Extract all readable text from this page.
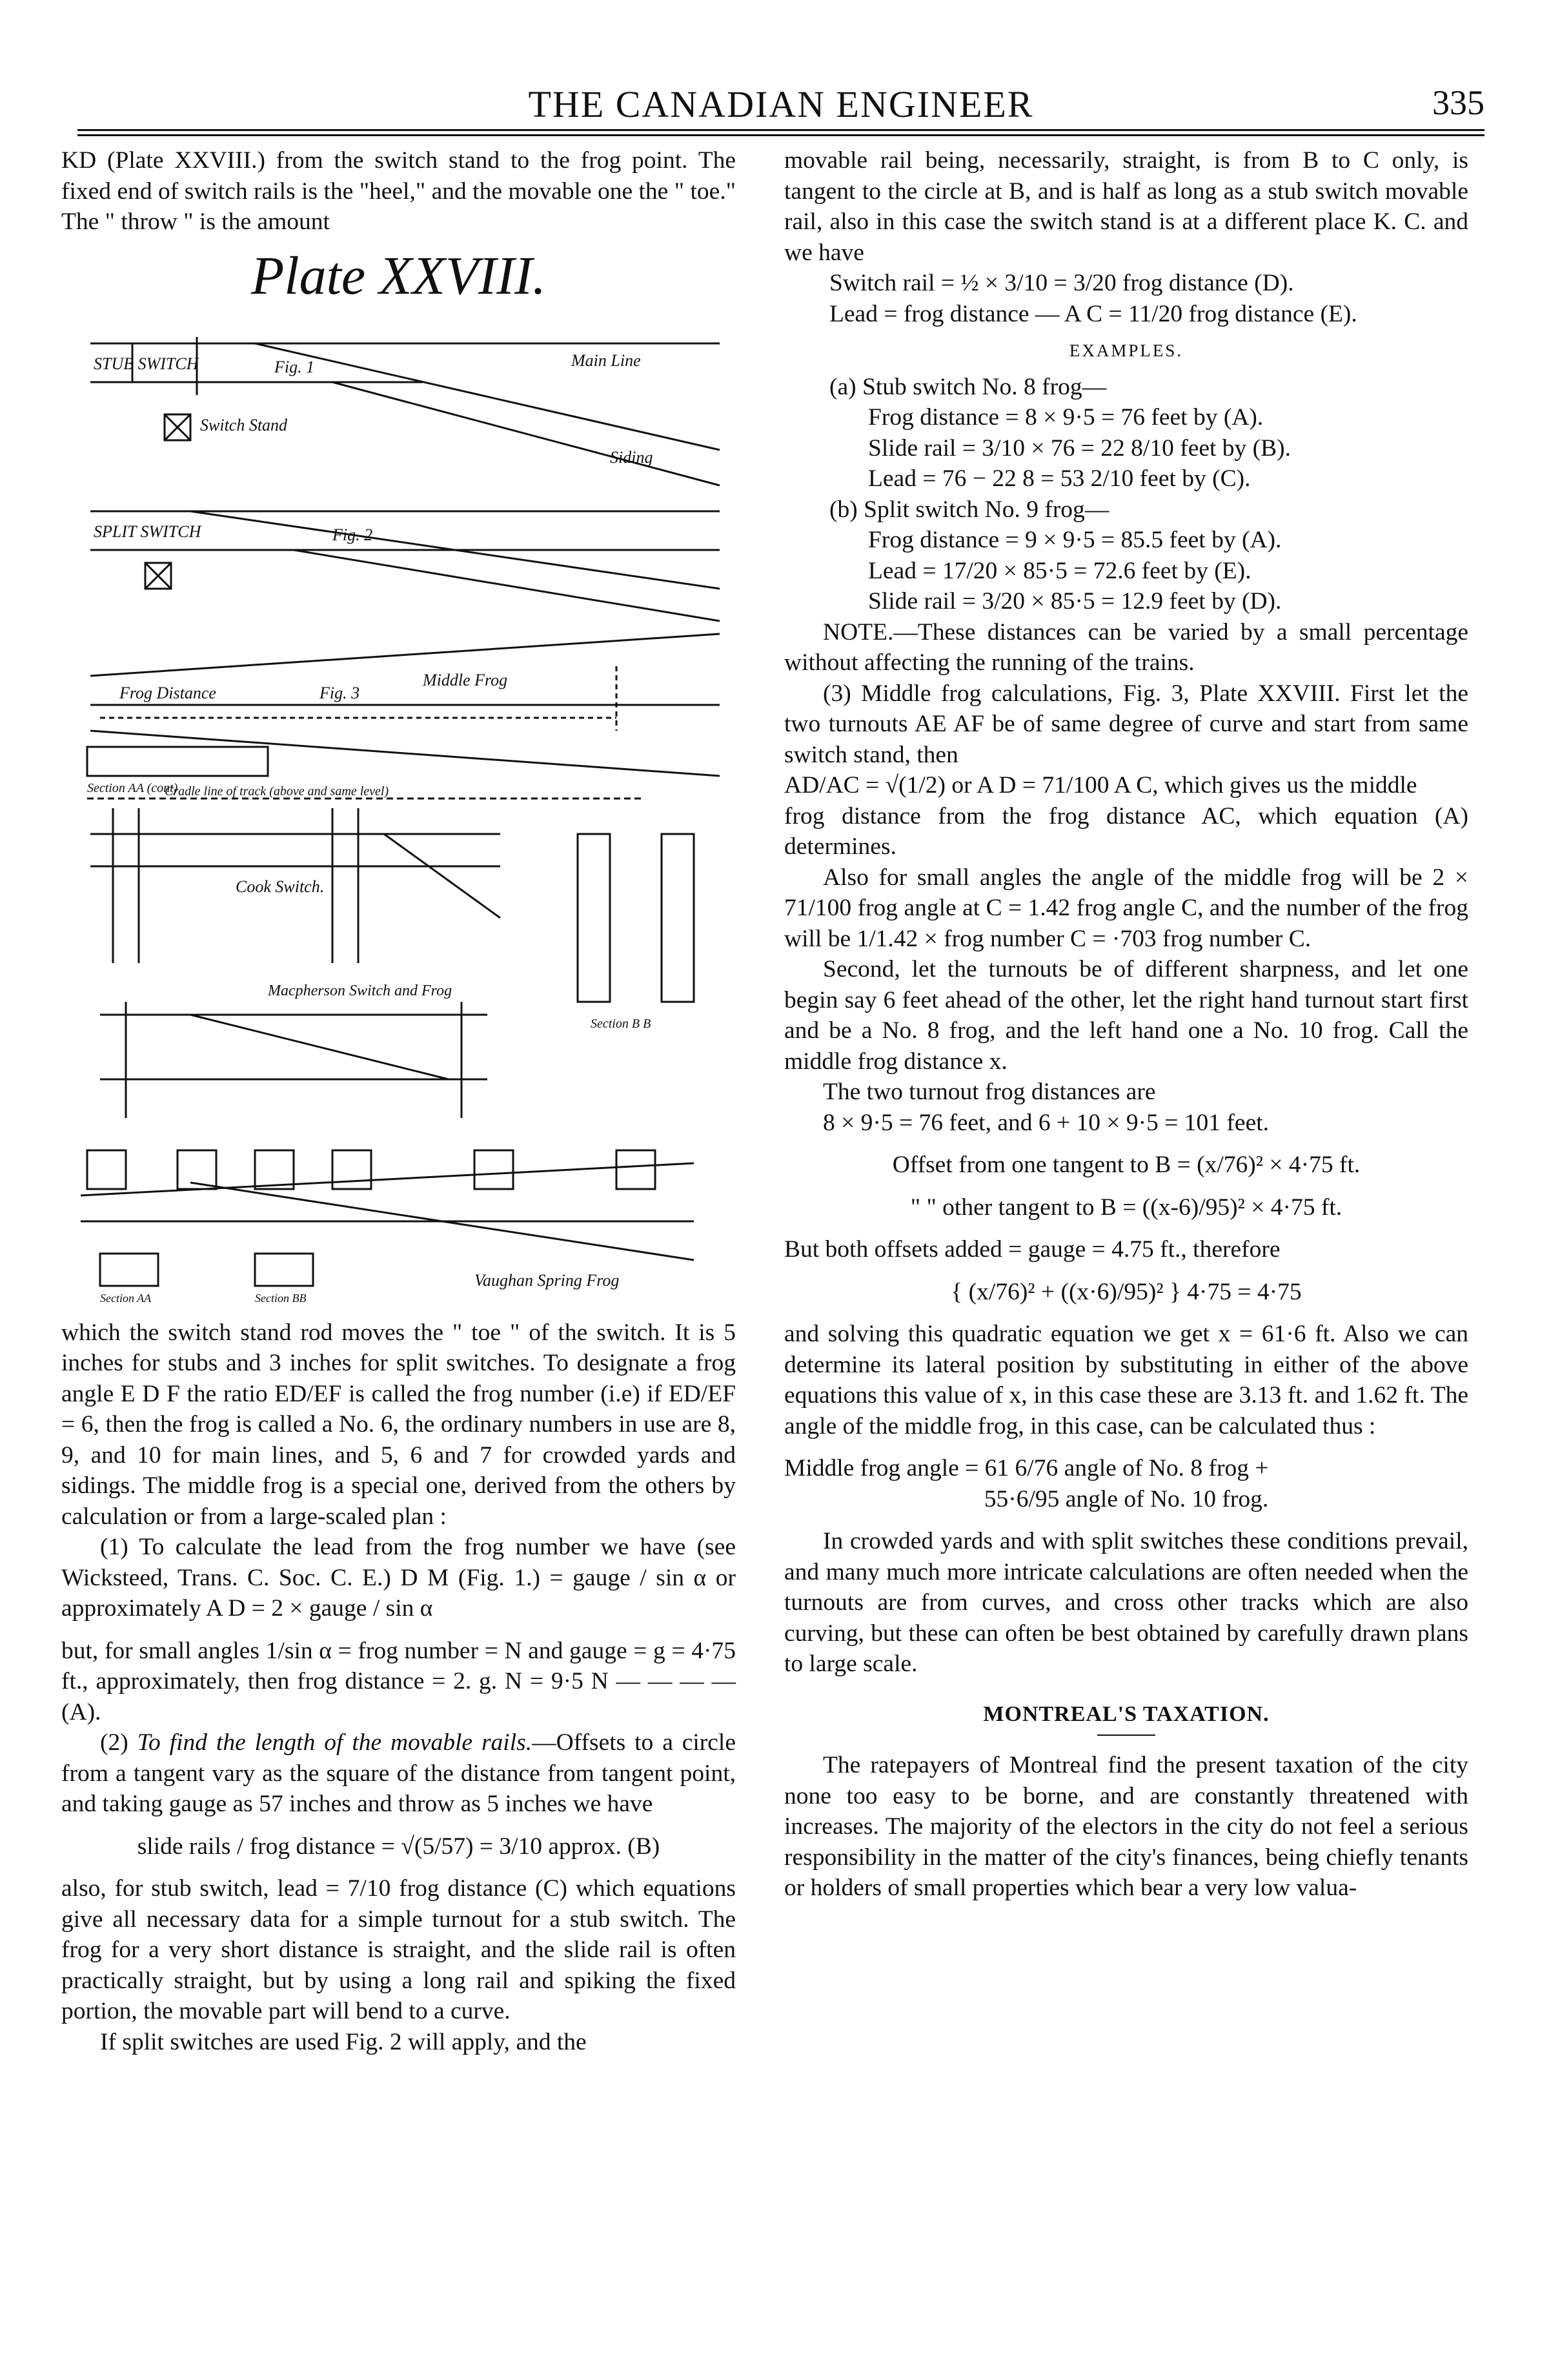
THE CANADIAN ENGINEER	335

KD (Plate XXVIII.) from the switch stand to the frog point. The fixed end of switch rails is the "heel," and the movable one the " toe." The " throw " is the amount

Plate XXVIII.
STUB SWITCH	Fig. 1	Main Line
Siding
Switch Stand
SPLIT SWITCH	Fig. 2
Frog Distance	Fig. 3
Middle Frog
Section AA (cont)
Cradle line of track (above and same level)
Cook Switch.
Section B B
Macpherson Switch and Frog
Vaughan Spring Frog
Section AA	Section BB

which the switch stand rod moves the " toe " of the switch. It is 5 inches for stubs and 3 inches for split switches. To designate a frog angle E D F the ratio ED/EF is called the frog number (i.e) if ED/EF = 6, then the frog is called a No. 6, the ordinary numbers in use are 8, 9, and 10 for main lines, and 5, 6 and 7 for crowded yards and sidings. The middle frog is a special one, derived from the others by calculation or from a large-scaled plan :

(1) To calculate the lead from the frog number we have (see Wicksteed, Trans. C. Soc. C. E.) D M (Fig. 1.) = gauge / sin α or approximately A D = 2 × gauge / sin α

but, for small angles 1/sin α = frog number = N and gauge = g = 4·75 ft., approximately, then frog distance = 2. g. N = 9·5 N ― ― ― ― (A).

(2) To find the length of the movable rails.—Offsets to a circle from a tangent vary as the square of the distance from tangent point, and taking gauge as 57 inches and throw as 5 inches we have

slide rails / frog distance = √(5/57) = 3/10 approx. (B)

also, for stub switch, lead = 7/10 frog distance (C) which equations give all necessary data for a simple turnout for a stub switch. The frog for a very short distance is straight, and the slide rail is often practically straight, but by using a long rail and spiking the fixed portion, the movable part will bend to a curve.

If split switches are used Fig. 2 will apply, and the

movable rail being, necessarily, straight, is from B to C only, is tangent to the circle at B, and is half as long as a stub switch movable rail, also in this case the switch stand is at a different place K. C. and we have

Switch rail = ½ × 3/10 = 3/20 frog distance (D).

Lead = frog distance — A C = 11/20 frog distance (E).

EXAMPLES.

(a) Stub switch No. 8 frog—

Frog distance = 8 × 9·5 = 76 feet by (A).

Slide rail = 3/10 × 76 = 22 8/10 feet by (B).

Lead = 76 − 22 8 = 53 2/10 feet by (C).

(b) Split switch No. 9 frog—

Frog distance = 9 × 9·5 = 85.5 feet by (A).

Lead = 17/20 × 85·5 = 72.6 feet by (E).

Slide rail = 3/20 × 85·5 = 12.9 feet by (D).

NOTE.—These distances can be varied by a small percentage without affecting the running of the trains.

(3) Middle frog calculations, Fig. 3, Plate XXVIII. First let the two turnouts AE AF be of same degree of curve and start from same switch stand, then

AD/AC = √(1/2) or A D = 71/100 A C, which gives us the middle

frog distance from the frog distance AC, which equation (A) determines.

Also for small angles the angle of the middle frog will be 2 × 71/100 frog angle at C = 1.42 frog angle C, and the number of the frog will be 1/1.42 × frog number C = ·703 frog number C.

Second, let the turnouts be of different sharpness, and let one begin say 6 feet ahead of the other, let the right hand turnout start first and be a No. 8 frog, and the left hand one a No. 10 frog. Call the middle frog distance x.

The two turnout frog distances are

8 × 9·5 = 76 feet, and 6 + 10 × 9·5 = 101 feet.

Offset from one tangent to B = (x/76)² × 4·75 ft.
" " other tangent to B = ((x-6)/95)² × 4·75 ft.

But both offsets added = gauge = 4.75 ft., therefore

{ (x/76)² + ((x·6)/95)² } 4·75 = 4·75

and solving this quadratic equation we get x = 61·6 ft. Also we can determine its lateral position by substituting in either of the above equations this value of x, in this case these are 3.13 ft. and 1.62 ft. The angle of the middle frog, in this case, can be calculated thus :

Middle frog angle = 61 6/76 angle of No. 8 frog +

55·6/95 angle of No. 10 frog.

In crowded yards and with split switches these conditions prevail, and many much more intricate calculations are often needed when the turnouts are from curves, and cross other tracks which are also curving, but these can often be best obtained by carefully drawn plans to large scale.

MONTREAL'S TAXATION.

The ratepayers of Montreal find the present taxation of the city none too easy to be borne, and are constantly threatened with increases. The majority of the electors in the city do not feel a serious responsibility in the matter of the city's finances, being chiefly tenants or holders of small properties which bear a very low valua-
